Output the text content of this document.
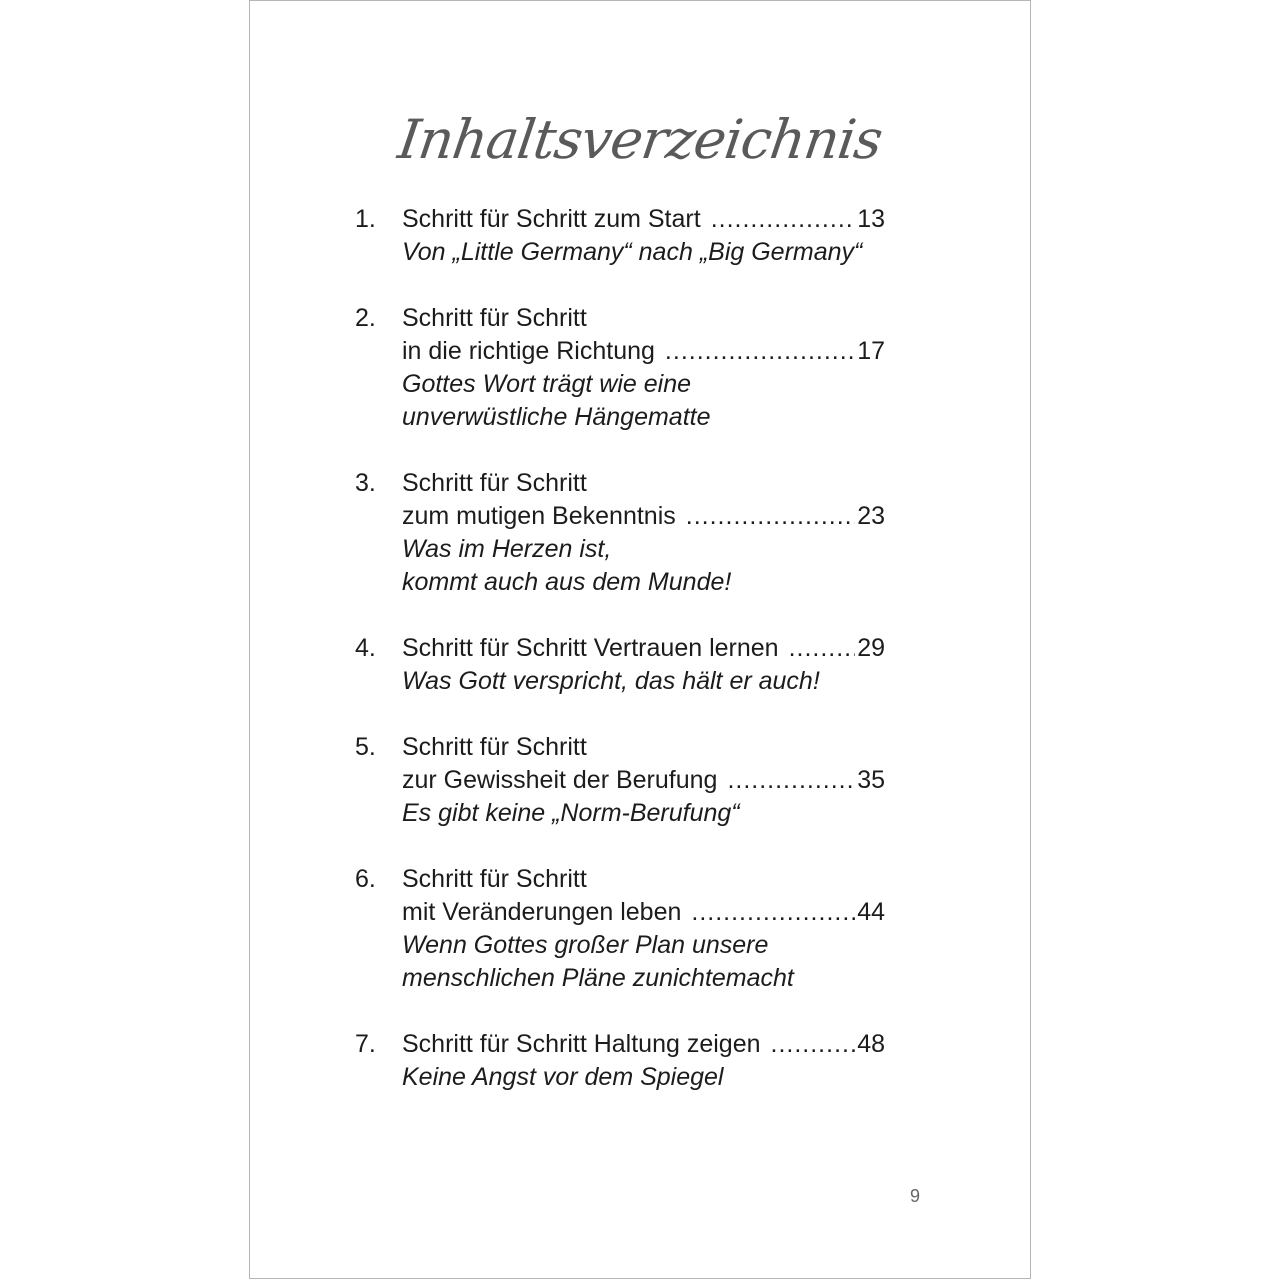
Inhaltsverzeichnis
1. Schritt für Schritt zum Start .....	13
Von „Little Germany“ nach „Big Germany“
2. Schritt für Schritt
in die richtige Richtung .....	17
Gottes Wort trägt wie eine
unverwüstliche Hängematte
3. Schritt für Schritt
zum mutigen Bekenntnis .....	23
Was im Herzen ist,
kommt auch aus dem Munde!
4. Schritt für Schritt Vertrauen lernen .....	29
Was Gott verspricht, das hält er auch!
5. Schritt für Schritt
zur Gewissheit der Berufung .....	35
Es gibt keine „Norm-Berufung“
6. Schritt für Schritt
mit Veränderungen leben .....	44
Wenn Gottes großer Plan unsere
menschlichen Pläne zunichtemacht
7. Schritt für Schritt Haltung zeigen .....	48
Keine Angst vor dem Spiegel
9
